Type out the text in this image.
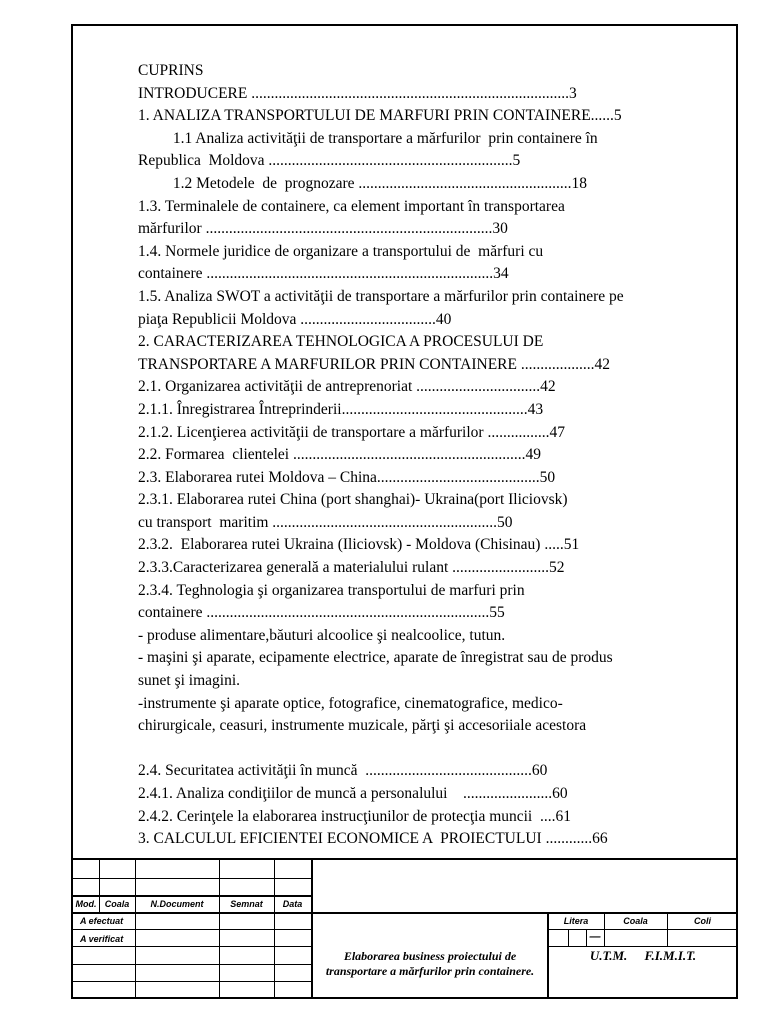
CUPRINS
INTRODUCERE ..................................................................................3
1. ANALIZA TRANSPORTULUI DE MARFURI PRIN CONTAINERE......5
1.1 Analiza activităţii de transportare a mărfurilor  prin containere în
Republica  Moldova ...............................................................5
1.2 Metodele  de  prognozare .......................................................18
1.3. Terminalele de containere, ca element important în transportarea
mărfurilor ..........................................................................30
1.4. Normele juridice de organizare a transportului de  mărfuri cu
containere ..........................................................................34
1.5. Analiza SWOT a activităţii de transportare a mărfurilor prin containere pe
piaţa Republicii Moldova ...................................40
2. CARACTERIZAREA TEHNOLOGICA A PROCESULUI DE
TRANSPORTARE A MARFURILOR PRIN CONTAINERE ...................42
2.1. Organizarea activităţii de antreprenoriat ................................42
2.1.1. Înregistrarea Întreprinderii................................................43
2.1.2. Licenţierea activităţii de transportare a mărfurilor ................47
2.2. Formarea  clientelei ............................................................49
2.3. Elaborarea rutei Moldova – China..........................................50
2.3.1. Elaborarea rutei China (port shanghai)- Ukraina(port Iliciovsk)
cu transport  maritim ..........................................................50
2.3.2.  Elaborarea rutei Ukraina (Iliciovsk) - Moldova (Chisinau) .....51
2.3.3.Caracterizarea generală a materialului rulant .........................52
2.3.4. Teghnologia şi organizarea transportului de marfuri prin
containere .........................................................................55
- produse alimentare,băuturi alcoolice şi nealcoolice, tutun.
- maşini şi aparate, ecipamente electrice, aparate de înregistrat sau de produs
sunet şi imagini.
-instrumente şi aparate optice, fotografice, cinematografice, medico-
chirurgicale, ceasuri, instrumente muzicale, părţi şi accesoriiale acestora

2.4. Securitatea activităţii în muncă  ...........................................60
2.4.1. Analiza condiţiilor de muncă a personalului    .......................60
2.4.2. Cerinţele la elaborarea instrucţiunilor de protecţia muncii  ....61
3. CALCULUL EFICIENTEI ECONOMICE A  PROIECTULUI ............66
Mod. Coala	N.Document	Semnat	Data
A efectuat
A verificat
Elaborarea business proiectului de transportare a mărfurilor prin containere.
Litera	Coala	Coli
—
U.T.M. F.I.M.I.T.
